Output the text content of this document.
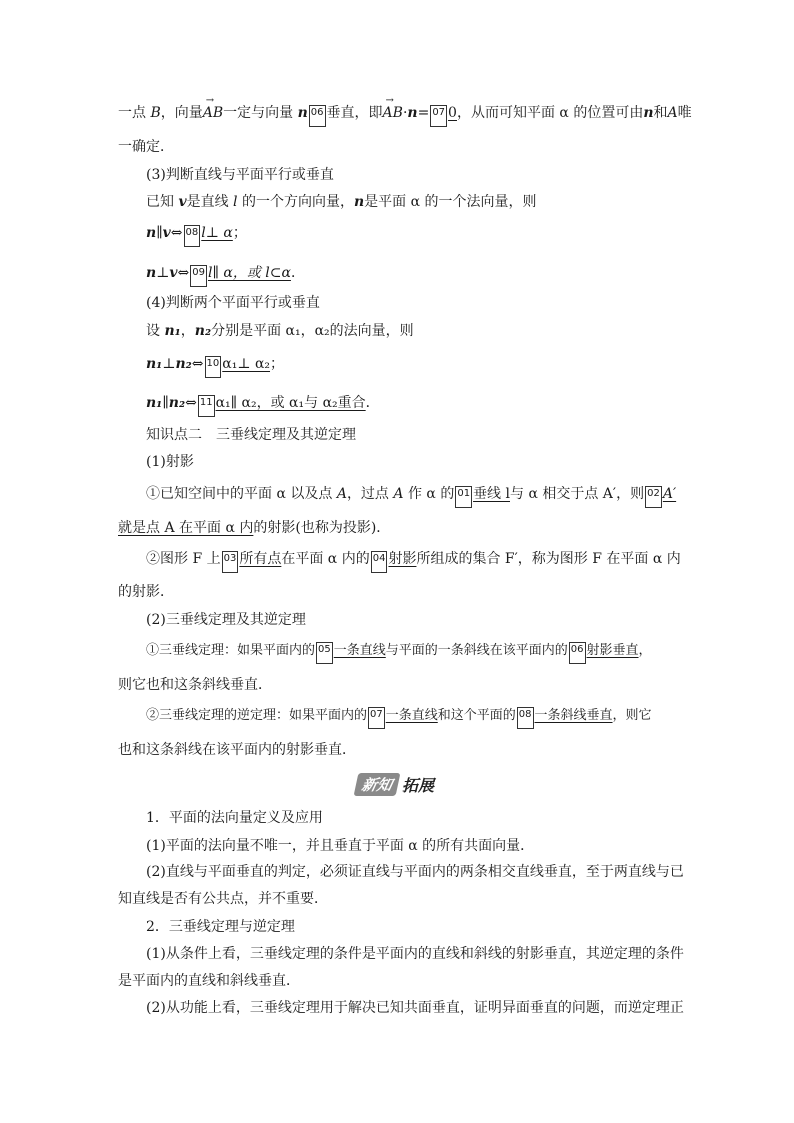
一点 B，向量→ AB一定与向量 n 06 垂直，即→ AB·n= 07 0，从而可知平面 α 的位置可由n和A唯
一确定．
(3)判断直线与平面平行或垂直
已知 v是直线 l 的一个方向向量，n是平面 α 的一个法向量，则
n∥v⇔ 08 l⊥ α；
n⊥v⇔ 09 l∥ α，或 l⊂α．
(4)判断两个平面平行或垂直
设 n₁，n₂分别是平面 α₁，α₂的法向量，则
n₁⊥n₂⇔ 10 α₁⊥ α₂；
n₁∥n₂⇔ 11 α₁∥ α₂，或 α₁与 α₂重合．
知识点二　三垂线定理及其逆定理
(1)射影
①已知空间中的平面 α 以及点 A，过点 A 作 α 的 01 垂线 l与 α 相交于点 A′，则 02 A′
就是点 A 在平面 α 内的射影(也称为投影)．
②图形 F 上 03 所有点在平面 α 内的 04 射影所组成的集合 F′，称为图形 F 在平面 α 内
的射影．
(2)三垂线定理及其逆定理
①三垂线定理：如果平面内的 05 一条直线与平面的一条斜线在该平面内的 06 射影垂直，
则它也和这条斜线垂直．
②三垂线定理的逆定理：如果平面内的 07 一条直线和这个平面的 08 一条斜线垂直，则它
也和这条斜线在该平面内的射影垂直．
新知 拓展
1．平面的法向量定义及应用
(1)平面的法向量不唯一，并且垂直于平面 α 的所有共面向量．
(2)直线与平面垂直的判定，必须证直线与平面内的两条相交直线垂直，至于两直线与已
知直线是否有公共点，并不重要．
2．三垂线定理与逆定理
(1)从条件上看，三垂线定理的条件是平面内的直线和斜线的射影垂直，其逆定理的条件
是平面内的直线和斜线垂直．
(2)从功能上看，三垂线定理用于解决已知共面垂直，证明异面垂直的问题，而逆定理正
